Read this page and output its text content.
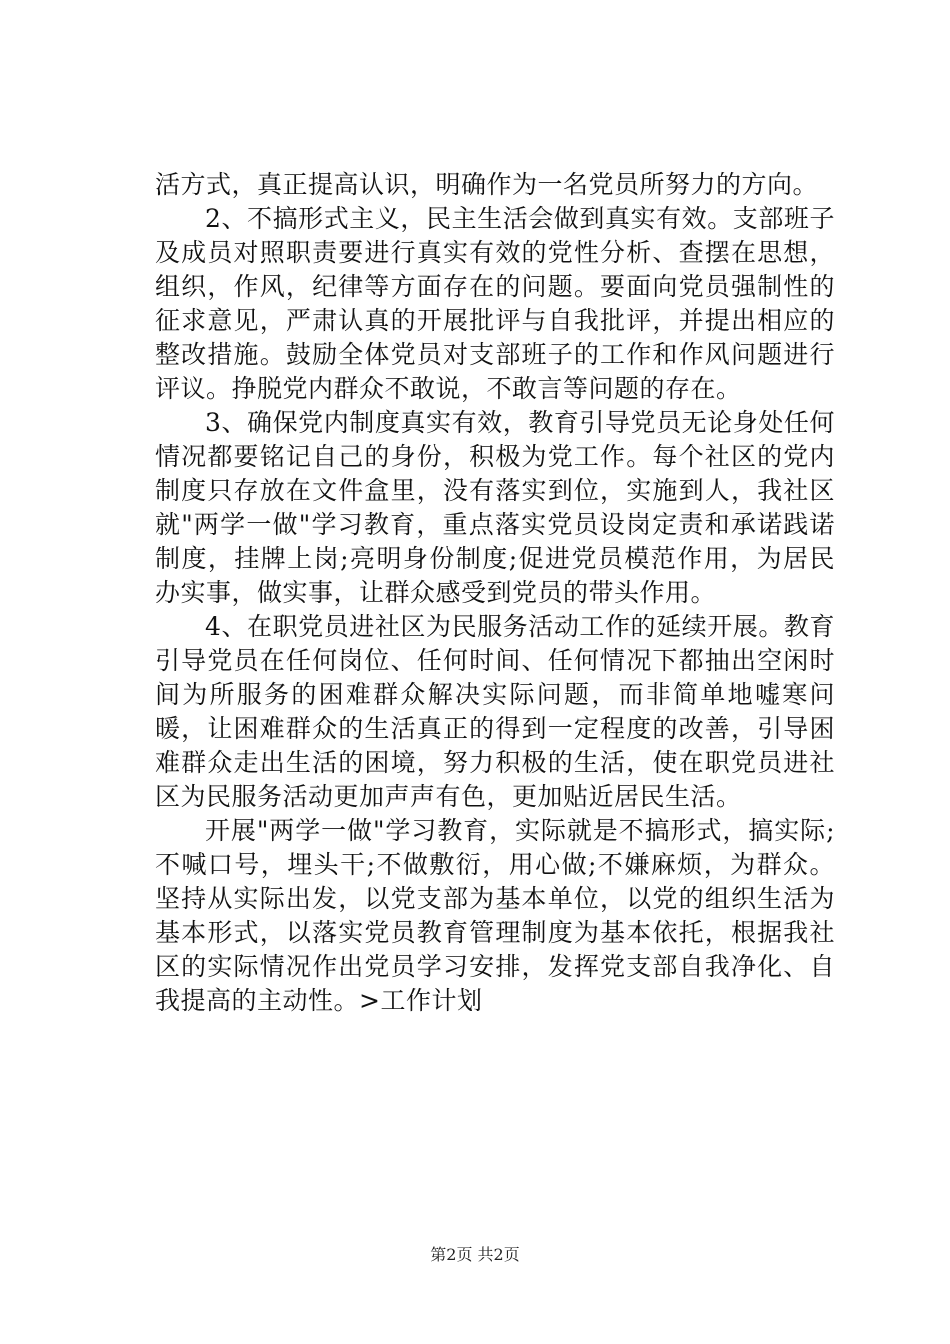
活方式，真正提高认识，明确作为一名党员所努力的方向。

2、不搞形式主义，民主生活会做到真实有效。支部班子及成员对照职责要进行真实有效的党性分析、查摆在思想，组织，作风，纪律等方面存在的问题。要面向党员强制性的征求意见，严肃认真的开展批评与自我批评，并提出相应的整改措施。鼓励全体党员对支部班子的工作和作风问题进行评议。挣脱党内群众不敢说，不敢言等问题的存在。

3、确保党内制度真实有效，教育引导党员无论身处任何情况都要铭记自己的身份，积极为党工作。每个社区的党内制度只存放在文件盒里，没有落实到位，实施到人，我社区就"两学一做"学习教育，重点落实党员设岗定责和承诺践诺制度，挂牌上岗;亮明身份制度;促进党员模范作用，为居民办实事，做实事，让群众感受到党员的带头作用。

4、在职党员进社区为民服务活动工作的延续开展。教育引导党员在任何岗位、任何时间、任何情况下都抽出空闲时间为所服务的困难群众解决实际问题，而非简单地嘘寒问暖，让困难群众的生活真正的得到一定程度的改善，引导困难群众走出生活的困境，努力积极的生活，使在职党员进社区为民服务活动更加声声有色，更加贴近居民生活。

开展"两学一做"学习教育，实际就是不搞形式，搞实际;不喊口号，埋头干;不做敷衍，用心做;不嫌麻烦，为群众。坚持从实际出发，以党支部为基本单位，以党的组织生活为基本形式，以落实党员教育管理制度为基本依托，根据我社区的实际情况作出党员学习安排，发挥党支部自我净化、自我提高的主动性。>工作计划

第2页 共2页
